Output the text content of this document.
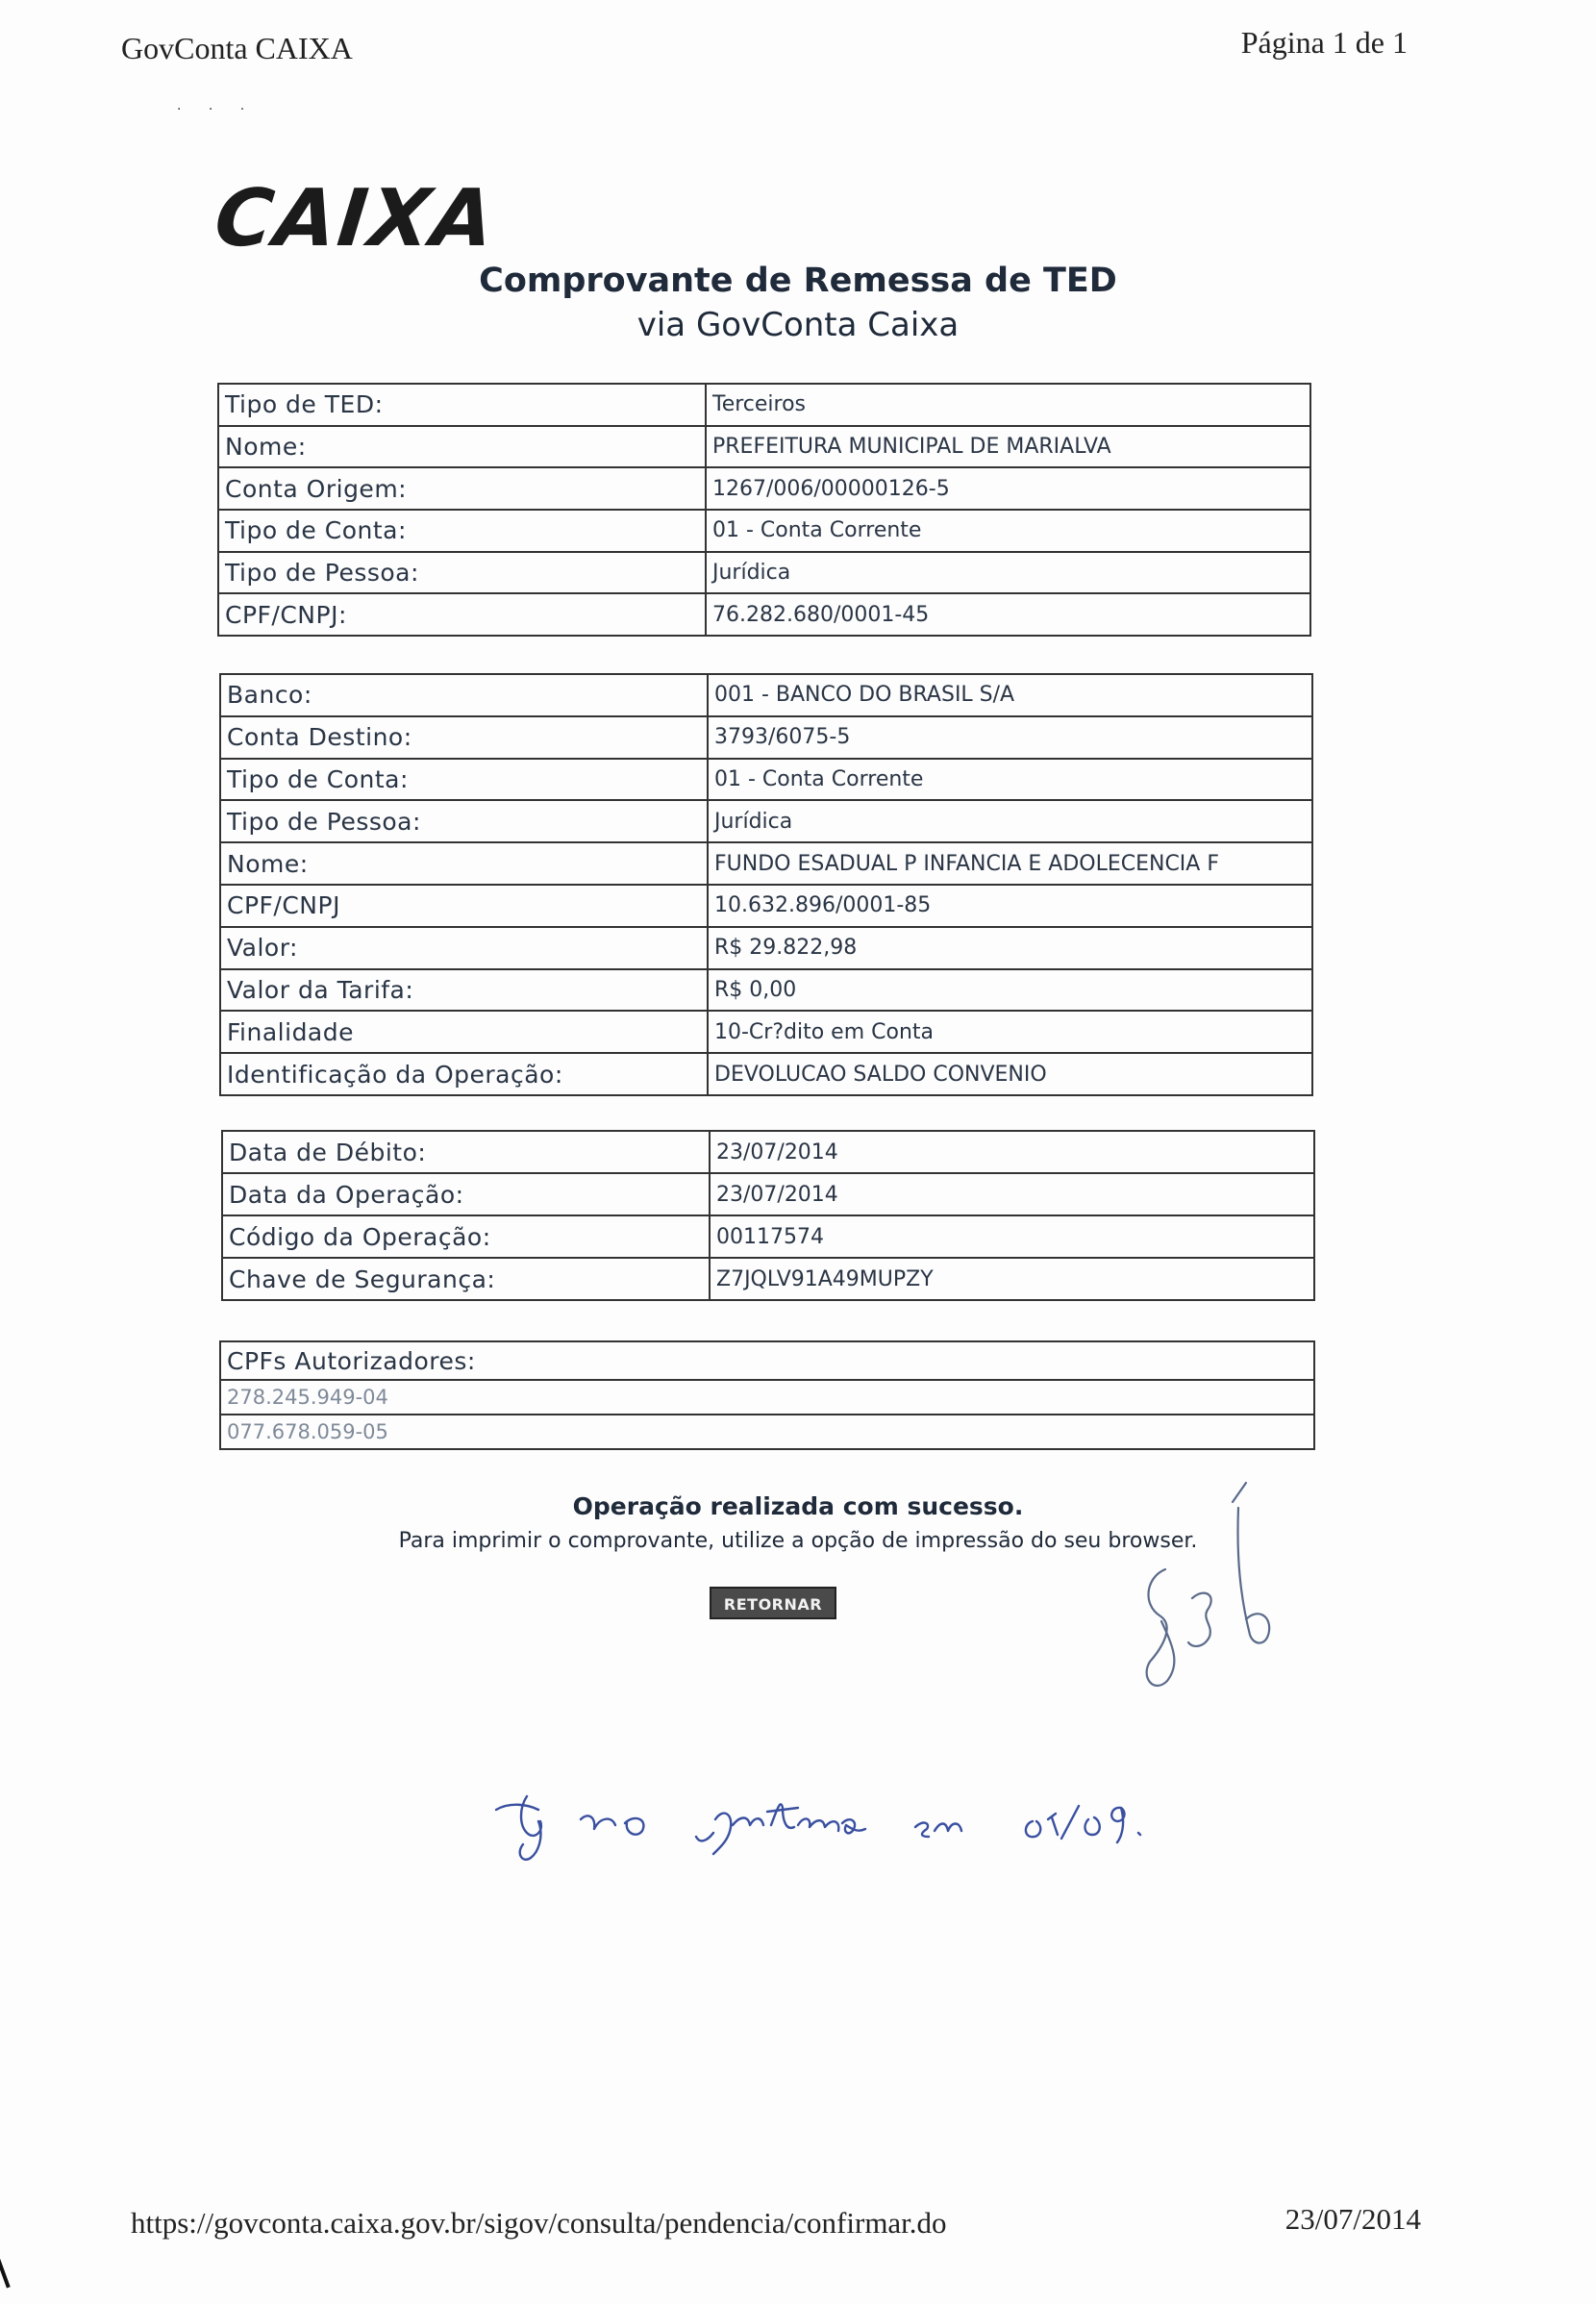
GovConta CAIXA	Página 1 de 1
· · ·
CAIXA
Comprovante de Remessa de TED
via GovConta Caixa
Tipo de TED:	Terceiros
Nome:	PREFEITURA MUNICIPAL DE MARIALVA
Conta Origem:	1267/006/00000126-5
Tipo de Conta:	01 - Conta Corrente
Tipo de Pessoa:	Jurídica
CPF/CNPJ:	76.282.680/0001-45
Banco:	001 - BANCO DO BRASIL S/A
Conta Destino:	3793/6075-5
Tipo de Conta:	01 - Conta Corrente
Tipo de Pessoa:	Jurídica
Nome:	FUNDO ESADUAL P INFANCIA E ADOLECENCIA F
CPF/CNPJ	10.632.896/0001-85
Valor:	R$ 29.822,98
Valor da Tarifa:	R$ 0,00
Finalidade	10-Cr?dito em Conta
Identificação da Operação:	DEVOLUCAO SALDO CONVENIO
Data de Débito:	23/07/2014
Data da Operação:	23/07/2014
Código da Operação:	00117574
Chave de Segurança:	Z7JQLV91A49MUPZY
CPFs Autorizadores:
278.245.949-04
077.678.059-05
Operação realizada com sucesso.
Para imprimir o comprovante, utilize a opção de impressão do seu browser.
RETORNAR
https://govconta.caixa.gov.br/sigov/consulta/pendencia/confirmar.do	23/07/2014
